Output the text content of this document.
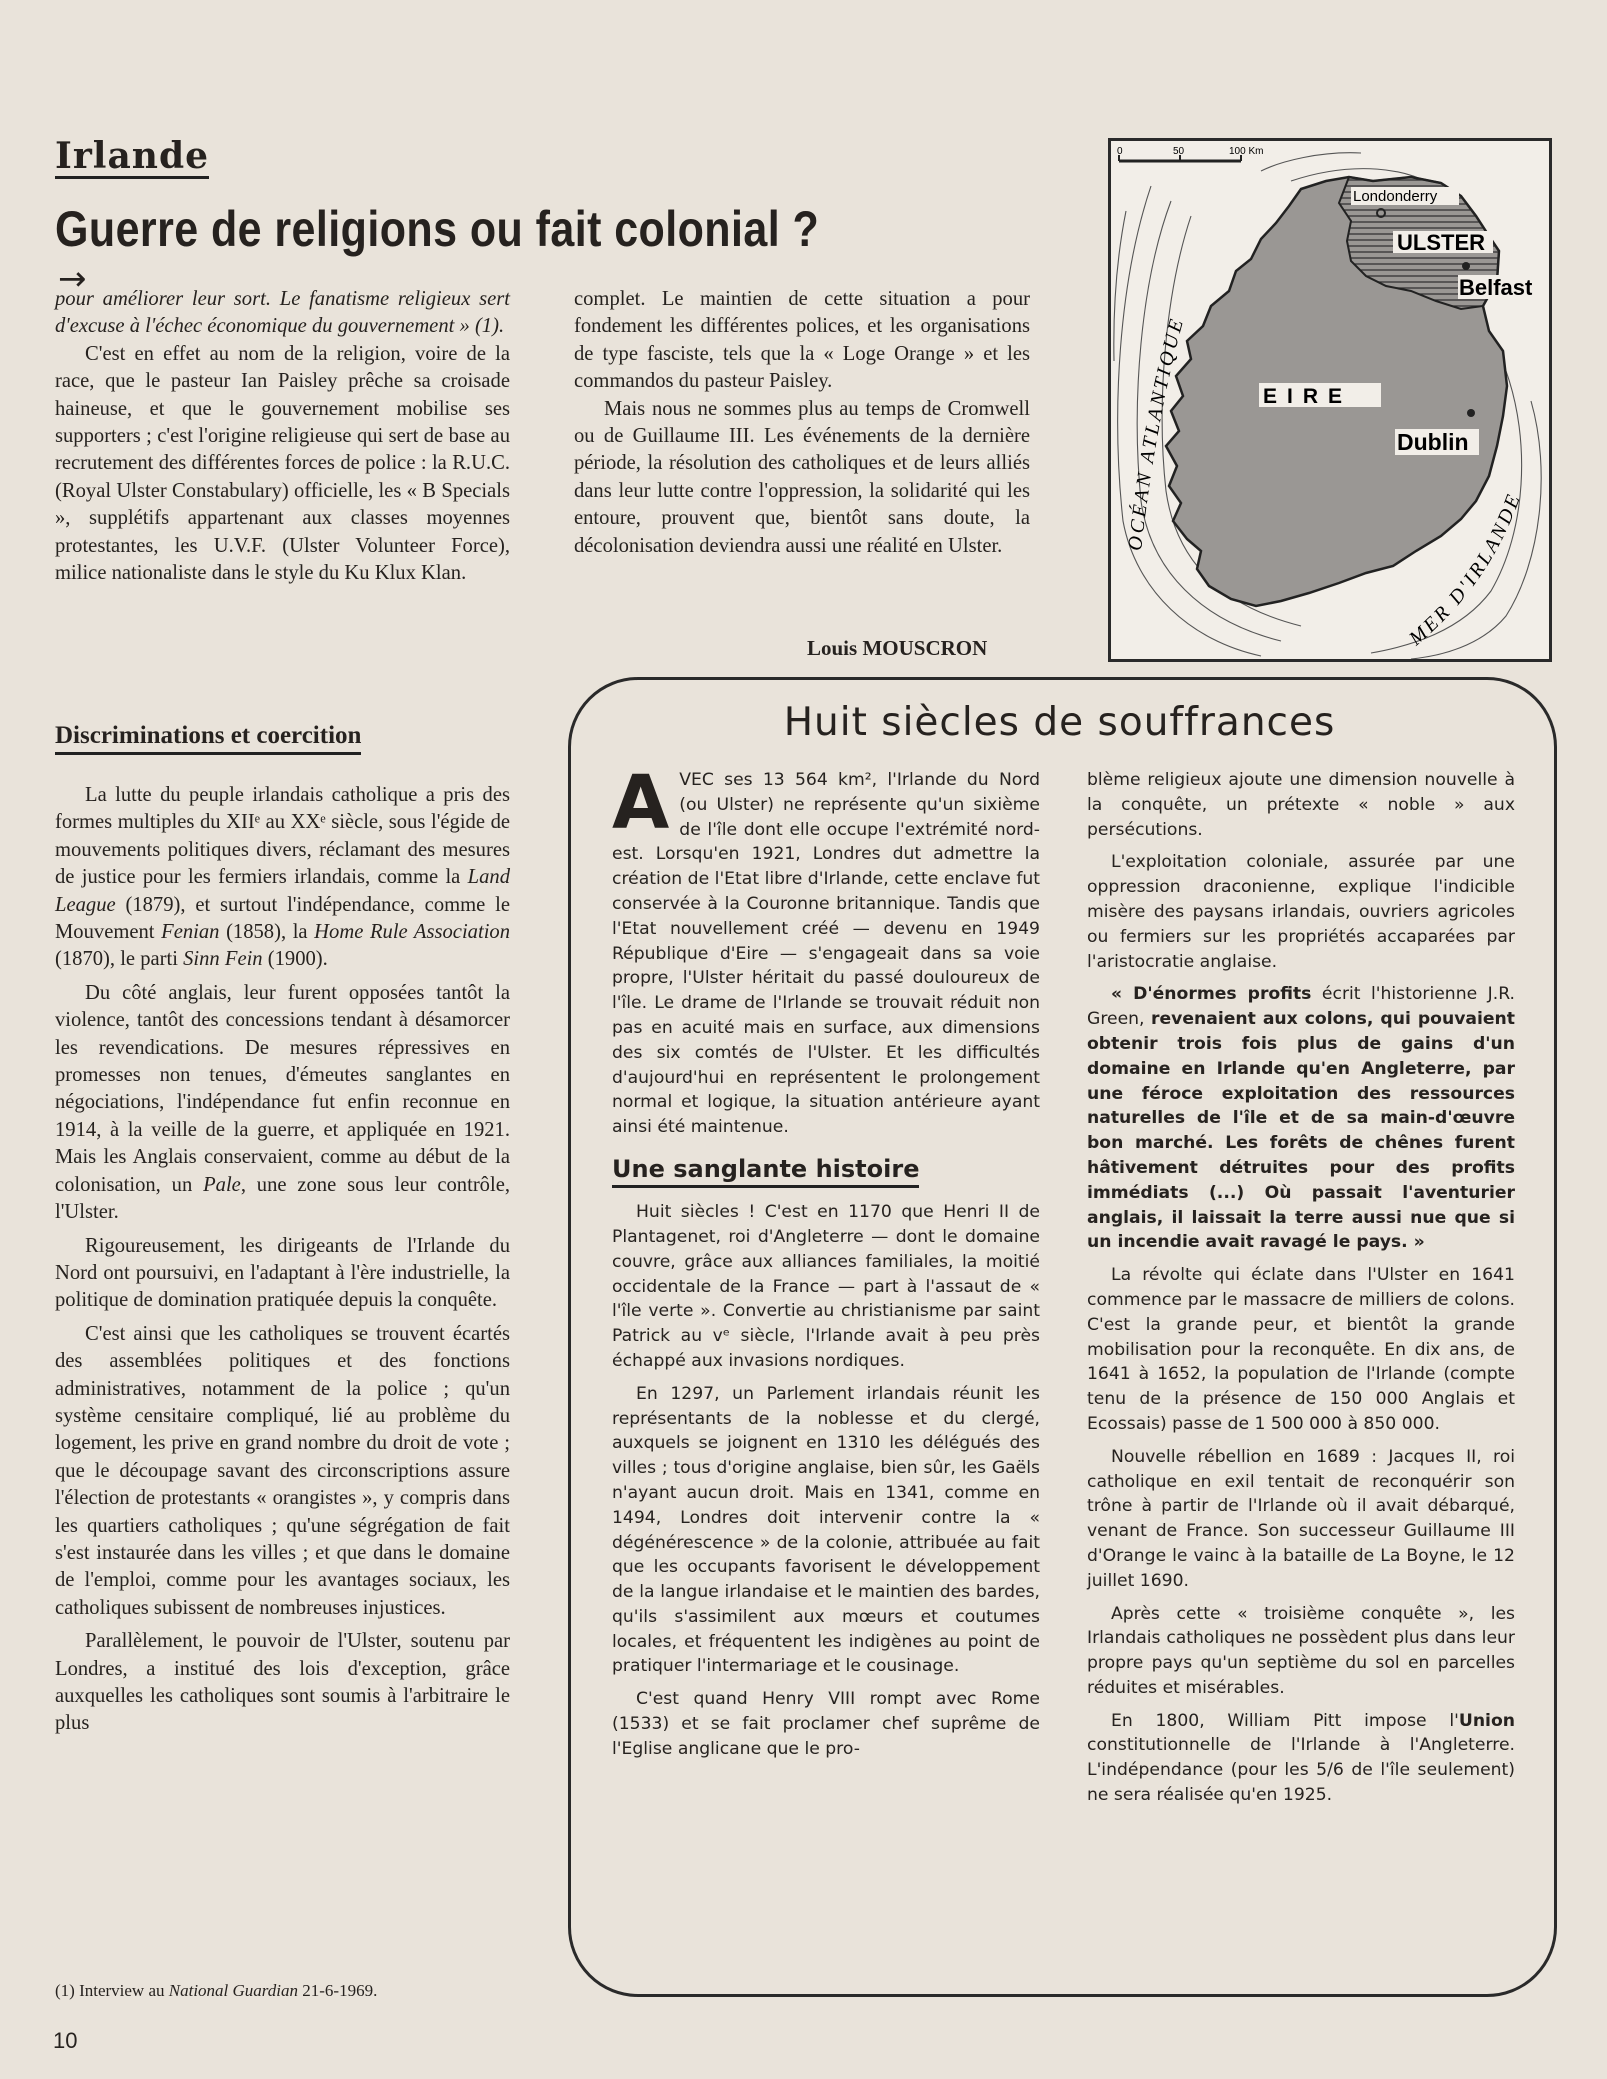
Irlande
Guerre de religions ou fait colonial ?
→

pour améliorer leur sort. Le fanatisme religieux sert d'excuse à l'échec économique du gouvernement » (1).

C'est en effet au nom de la religion, voire de la race, que le pasteur Ian Paisley prêche sa croisade haineuse, et que le gouvernement mobilise ses supporters ; c'est l'origine religieuse qui sert de base au recrutement des différentes forces de police : la R.U.C. (Royal Ulster Constabulary) officielle, les « B Specials », supplétifs appartenant aux classes moyennes protestantes, les U.V.F. (Ulster Volunteer Force), milice nationaliste dans le style du Ku Klux Klan.

Discriminations et coercition

La lutte du peuple irlandais catholique a pris des formes multiples du XIIᵉ au XXᵉ siècle, sous l'égide de mouvements politiques divers, réclamant des mesures de justice pour les fermiers irlandais, comme la Land League (1879), et surtout l'indépendance, comme le Mouvement Fenian (1858), la Home Rule Association (1870), le parti Sinn Fein (1900).

Du côté anglais, leur furent opposées tantôt la violence, tantôt des concessions tendant à désamorcer les revendications. De mesures répressives en promesses non tenues, d'émeutes sanglantes en négociations, l'indépendance fut enfin reconnue en 1914, à la veille de la guerre, et appliquée en 1921. Mais les Anglais conservaient, comme au début de la colonisation, un Pale, une zone sous leur contrôle, l'Ulster.

Rigoureusement, les dirigeants de l'Irlande du Nord ont poursuivi, en l'adaptant à l'ère industrielle, la politique de domination pratiquée depuis la conquête.

C'est ainsi que les catholiques se trouvent écartés des assemblées politiques et des fonctions administratives, notamment de la police ; qu'un système censitaire compliqué, lié au problème du logement, les prive en grand nombre du droit de vote ; que le découpage savant des circonscriptions assure l'élection de protestants « orangistes », y compris dans les quartiers catholiques ; qu'une ségrégation de fait s'est instaurée dans les villes ; et que dans le domaine de l'emploi, comme pour les avantages sociaux, les catholiques subissent de nombreuses injustices.

Parallèlement, le pouvoir de l'Ulster, soutenu par Londres, a institué des lois d'exception, grâce auxquelles les catholiques sont soumis à l'arbitraire le plus

complet. Le maintien de cette situation a pour fondement les différentes polices, et les organisations de type fasciste, tels que la « Loge Orange » et les commandos du pasteur Paisley.

Mais nous ne sommes plus au temps de Cromwell ou de Guillaume III. Les événements de la dernière période, la résolution des catholiques et de leurs alliés dans leur lutte contre l'oppression, la solidarité qui les entoure, prouvent que, bientôt sans doute, la décolonisation deviendra aussi une réalité en Ulster.

Louis MOUSCRON
0	50	100 Km
ULSTER
Londonderry
Belfast
EIRE
Dublin
OCÉAN ATLANTIQUE
MER D'IRLANDE
Huit siècles de souffrances

AVEC ses 13 564 km², l'Irlande du Nord (ou Ulster) ne représente qu'un sixième de l'île dont elle occupe l'extrémité nord-est. Lorsqu'en 1921, Londres dut admettre la création de l'Etat libre d'Irlande, cette enclave fut conservée à la Couronne britannique. Tandis que l'Etat nouvellement créé — devenu en 1949 République d'Eire — s'engageait dans sa voie propre, l'Ulster héritait du passé douloureux de l'île. Le drame de l'Irlande se trouvait réduit non pas en acuité mais en surface, aux dimensions des six comtés de l'Ulster. Et les difficultés d'aujourd'hui en représentent le prolongement normal et logique, la situation antérieure ayant ainsi été maintenue.

Une sanglante histoire

Huit siècles ! C'est en 1170 que Henri II de Plantagenet, roi d'Angleterre — dont le domaine couvre, grâce aux alliances familiales, la moitié occidentale de la France — part à l'assaut de « l'île verte ». Convertie au christianisme par saint Patrick au vᵉ siècle, l'Irlande avait à peu près échappé aux invasions nordiques.

En 1297, un Parlement irlandais réunit les représentants de la noblesse et du clergé, auxquels se joignent en 1310 les délégués des villes ; tous d'origine anglaise, bien sûr, les Gaëls n'ayant aucun droit. Mais en 1341, comme en 1494, Londres doit intervenir contre la « dégénérescence » de la colonie, attribuée au fait que les occupants favorisent le développement de la langue irlandaise et le maintien des bardes, qu'ils s'assimilent aux mœurs et coutumes locales, et fréquentent les indigènes au point de pratiquer l'intermariage et le cousinage.

C'est quand Henry VIII rompt avec Rome (1533) et se fait proclamer chef suprême de l'Eglise anglicane que le pro-

blème religieux ajoute une dimension nouvelle à la conquête, un prétexte « noble » aux persécutions.

L'exploitation coloniale, assurée par une oppression draconienne, explique l'indicible misère des paysans irlandais, ouvriers agricoles ou fermiers sur les propriétés accaparées par l'aristocratie anglaise.

« D'énormes profits écrit l'historienne J.R. Green, revenaient aux colons, qui pouvaient obtenir trois fois plus de gains d'un domaine en Irlande qu'en Angleterre, par une féroce exploitation des ressources naturelles de l'île et de sa main-d'œuvre bon marché. Les forêts de chênes furent hâtivement détruites pour des profits immédiats (...) Où passait l'aventurier anglais, il laissait la terre aussi nue que si un incendie avait ravagé le pays. »

La révolte qui éclate dans l'Ulster en 1641 commence par le massacre de milliers de colons. C'est la grande peur, et bientôt la grande mobilisation pour la reconquête. En dix ans, de 1641 à 1652, la population de l'Irlande (compte tenu de la présence de 150 000 Anglais et Ecossais) passe de 1 500 000 à 850 000.

Nouvelle rébellion en 1689 : Jacques II, roi catholique en exil tentait de reconquérir son trône à partir de l'Irlande où il avait débarqué, venant de France. Son successeur Guillaume III d'Orange le vainc à la bataille de La Boyne, le 12 juillet 1690.

Après cette « troisième conquête », les Irlandais catholiques ne possèdent plus dans leur propre pays qu'un septième du sol en parcelles réduites et misérables.

En 1800, William Pitt impose l'Union constitutionnelle de l'Irlande à l'Angleterre. L'indépendance (pour les 5/6 de l'île seulement) ne sera réalisée qu'en 1925.

(1) Interview au National Guardian 21-6-1969.
10
